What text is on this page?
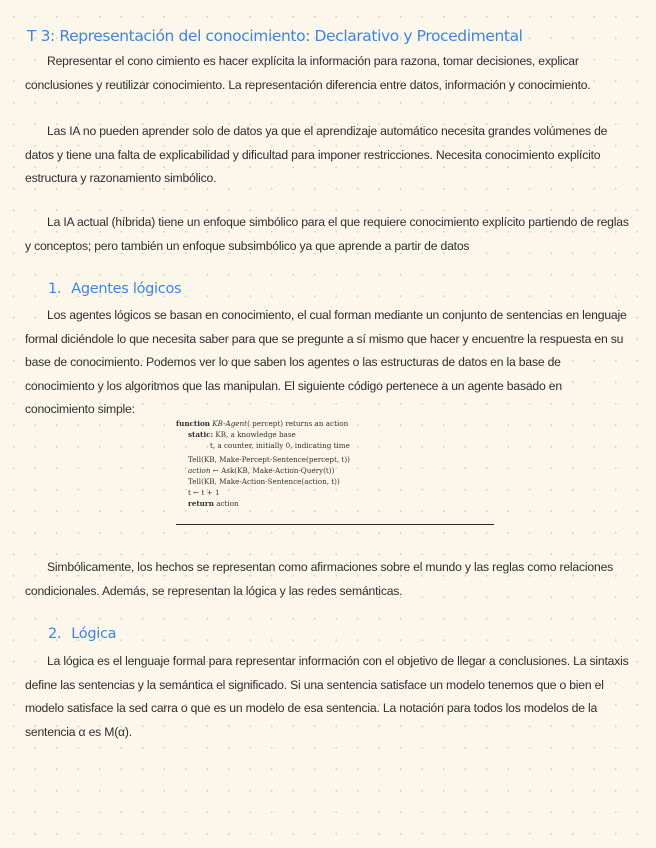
T 3: Representación del conocimiento: Declarativo y Procedimental

Representar el cono cimiento es hacer explícita la información para razona, tomar decisiones, explicar conclusiones y reutilizar conocimiento. La representación diferencia entre datos, información y conocimiento.

Las IA no pueden aprender solo de datos ya que el aprendizaje automático necesita grandes volúmenes de datos y tiene una falta de explicabilidad y dificultad para imponer restricciones. Necesita conocimiento explícito estructura y razonamiento simbólico.

La IA actual (híbrida) tiene un enfoque simbólico para el que requiere conocimiento explícito partiendo de reglas y conceptos; pero también un enfoque subsimbólico ya que aprende a partir de datos

1. Agentes lógicos

Los agentes lógicos se basan en conocimiento, el cual forman mediante un conjunto de sentencias en lenguaje formal diciéndole lo que necesita saber para que se pregunte a sí mismo que hacer y encuentre la respuesta en su base de conocimiento. Podemos ver lo que saben los agentes o las estructuras de datos en la base de conocimiento y los algoritmos que las manipulan. El siguiente código pertenece a un agente basado en conocimiento simple:

function KB-Agent( percept) returns an action
static: KB, a knowledge base
t, a counter, initially 0, indicating time
Tell(KB, Make-Percept-Sentence(percept, t))
action ← Ask(KB, Make-Action-Query(t))
Tell(KB, Make-Action-Sentence(action, t))
t ← t + 1
return action

Simbólicamente, los hechos se representan como afirmaciones sobre el mundo y las reglas como relaciones condicionales. Además, se representan la lógica y las redes semánticas.

2. Lógica

La lógica es el lenguaje formal para representar información con el objetivo de llegar a conclusiones. La sintaxis define las sentencias y la semántica el significado. Si una sentencia satisface un modelo tenemos que o bien el modelo satisface la sed carra o que es un modelo de esa sentencia. La notación para todos los modelos de la sentencia α es M(α).
